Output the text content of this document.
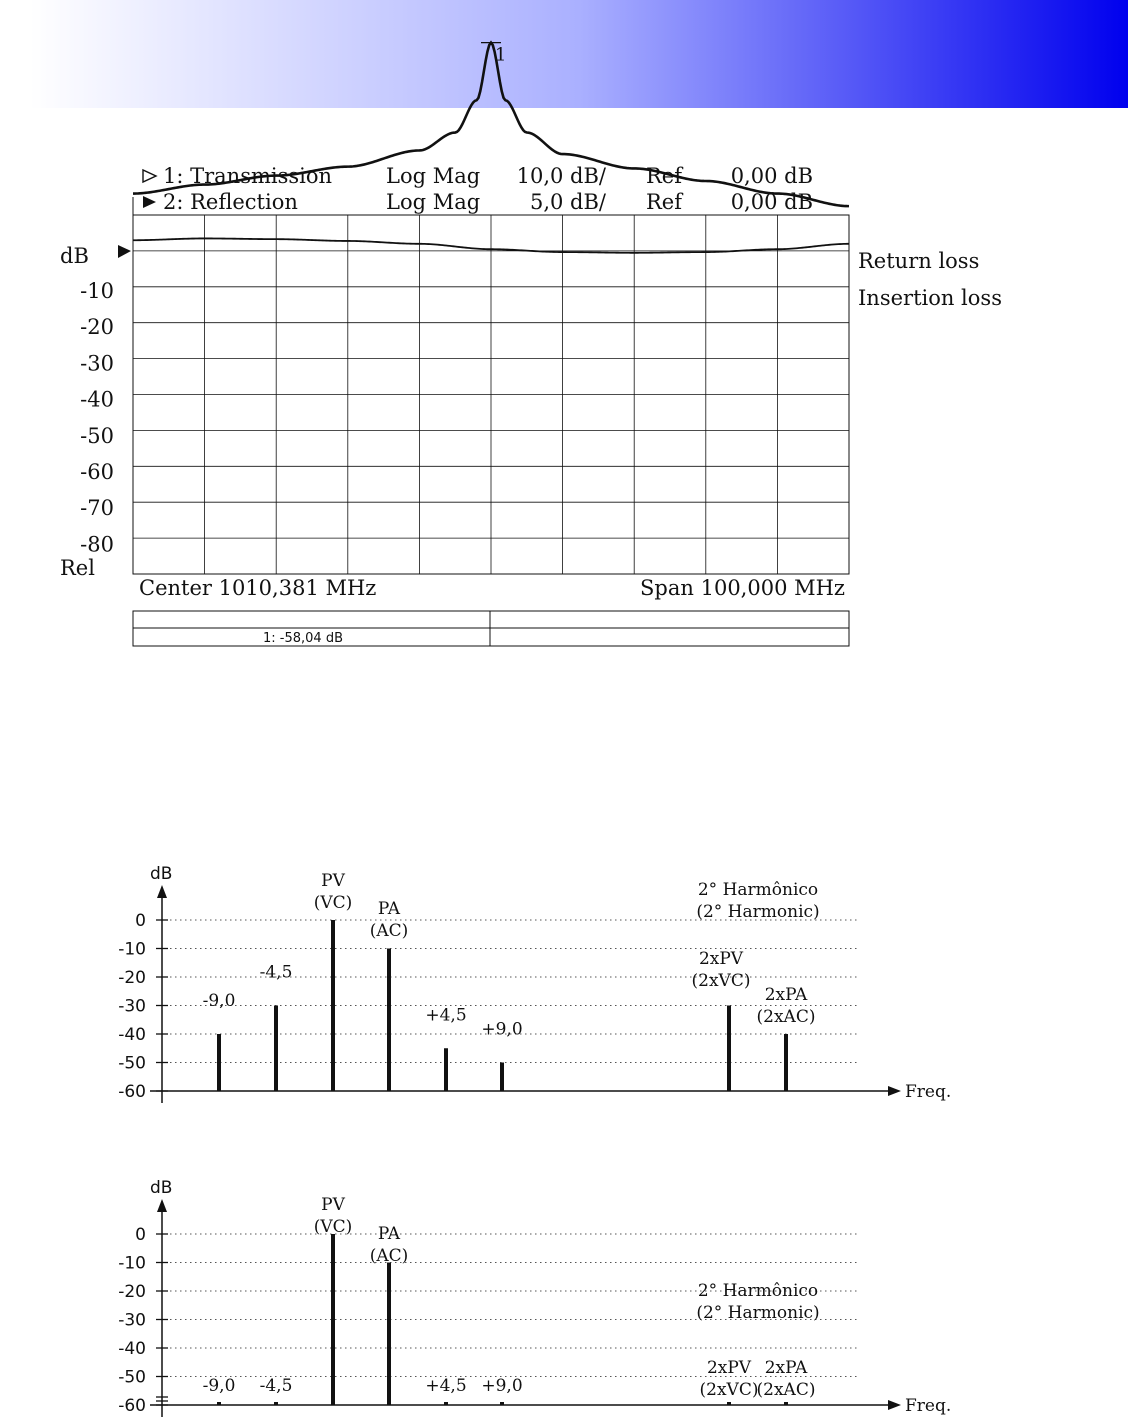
1: Transmission	Log Mag 10,0 dB/ Ref 0,00 dB
2: Reflection	Log Mag 5,0 dB/ Ref 0,00 dB
dB
-10
-20
-30
-40
-50
-60
-70
-80
Rel
1
Return loss
Insertion loss
Center 1010,381 MHz	Span 100,000 MHz
1: -58,04 dB
dB
Freq.
0
-10
-20
-30
-40
-50
-60
-9,0
-4,5
PV
(VC) PA
(AC)
+4,5
+9,0
2xPV
(2xVC)
2xPA
(2xAC)
2° Harmônico
(2° Harmonic)
dB
Freq.
0
-10
-20
-30
-40
-50
-60
-9,0 -4,5
PV
(VC) PA
(AC)
+4,5 +9,0
2xPV
(2xVC)
2xPA
(2xAC)
2° Harmônico
(2° Harmonic)
